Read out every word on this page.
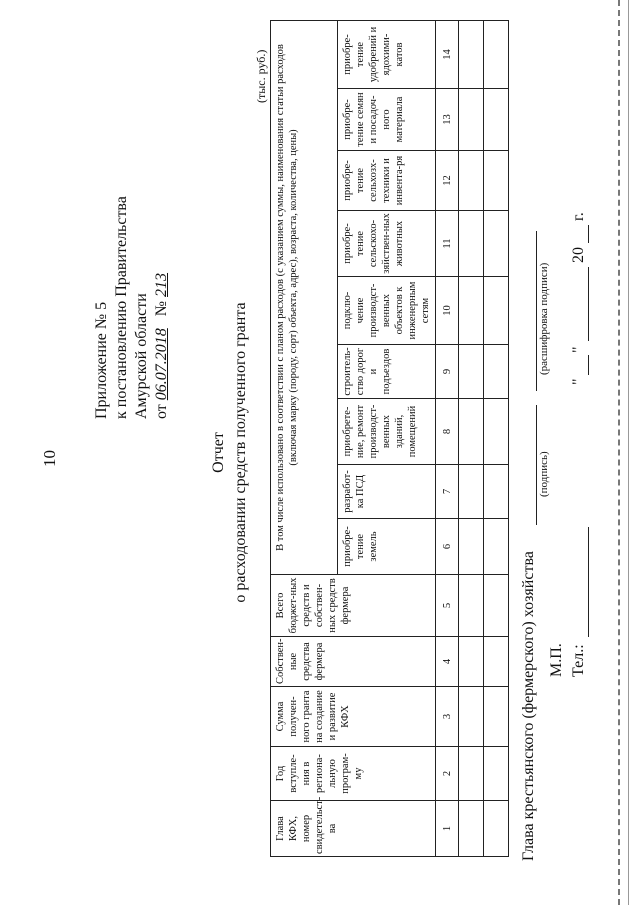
10
Приложение № 5 к постановлению Правительства Амурской области от 06.07.2018   № 213
Отчет о расходовании средств полученного гранта
(тыс. руб.)
Глава КФХ, номер свидетельст-ва	Год вступле-ния в регионa-льную програм-му	Сумма получен-ного гранта на создание и развитие КФХ	Собствен-ные средства фермера	Всего бюджет-ных средств и собствен-ных средств фермера	В том числе использовано в соответствии с планом расходов (с указанием суммы, наименования статьи расходов (включая марку (породу, сорт) объекта, адрес), возраста, количества, цены)								
					приобре-тение земель	разработ-ка ПСД	приобрете-ние, ремонт производст-венных зданий, помещений	строитель-ство дорог и подъездов	подклю-чение производст-венных объектов к инженерным сетям	приобре-тение сельскохо-зяйствен-ных животных	приобре-тение сельхозх-техники и инвента-ря	приобре-тение семян и посадоч-ного материала	приобре-тение удобрений и ядохими-катов
1	2	3	4	5	6	7	8	9	10	11	12	13	14

Глава крестьянского (фермерского) хозяйства
(подпись)
(расшифровка подписи)
М.П. Тел.:
"
"
20
г.
